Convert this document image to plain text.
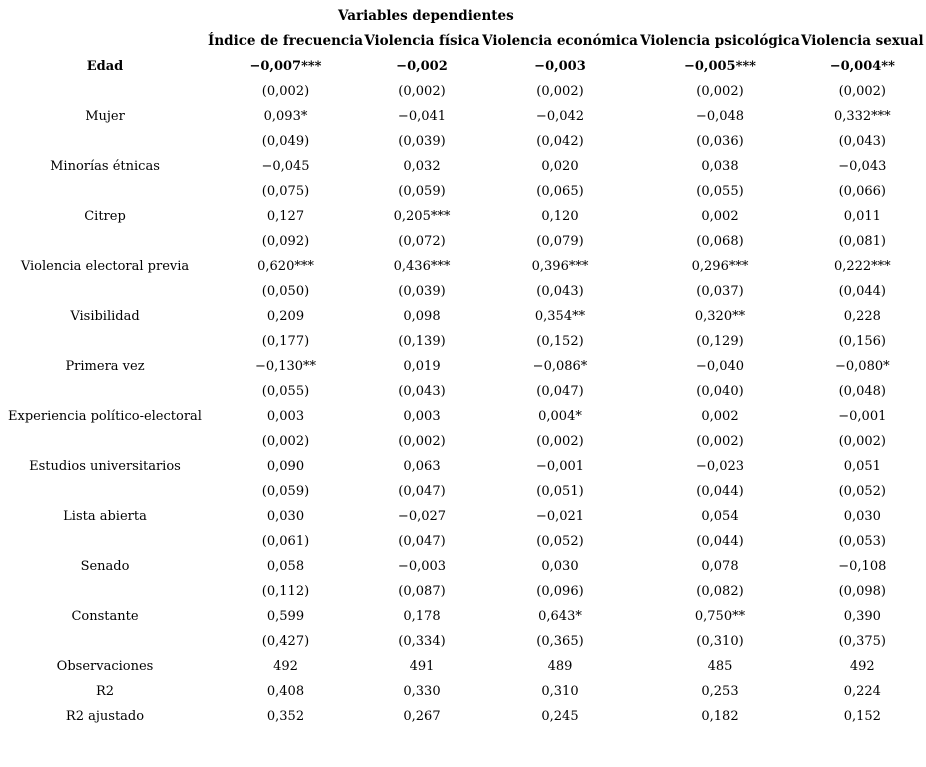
	Variables dependientes				
	Índice de frecuencia	Violencia física	Violencia económica	Violencia psicológica	Violencia sexual
Edad	−0,007***	−0,002	−0,003	−0,005***	−0,004**
	(0,002)	(0,002)	(0,002)	(0,002)	(0,002)
Mujer	0,093*	−0,041	−0,042	−0,048	0,332***
	(0,049)	(0,039)	(0,042)	(0,036)	(0,043)
Minorías étnicas	−0,045	0,032	0,020	0,038	−0,043
	(0,075)	(0,059)	(0,065)	(0,055)	(0,066)
Citrep	0,127	0,205***	0,120	0,002	0,011
	(0,092)	(0,072)	(0,079)	(0,068)	(0,081)
Violencia electoral previa	0,620***	0,436***	0,396***	0,296***	0,222***
	(0,050)	(0,039)	(0,043)	(0,037)	(0,044)
Visibilidad	0,209	0,098	0,354**	0,320**	0,228
	(0,177)	(0,139)	(0,152)	(0,129)	(0,156)
Primera vez	−0,130**	0,019	−0,086*	−0,040	−0,080*
	(0,055)	(0,043)	(0,047)	(0,040)	(0,048)
Experiencia político-electoral	0,003	0,003	0,004*	0,002	−0,001
	(0,002)	(0,002)	(0,002)	(0,002)	(0,002)
Estudios universitarios	0,090	0,063	−0,001	−0,023	0,051
	(0,059)	(0,047)	(0,051)	(0,044)	(0,052)
Lista abierta	0,030	−0,027	−0,021	0,054	0,030
	(0,061)	(0,047)	(0,052)	(0,044)	(0,053)
Senado	0,058	−0,003	0,030	0,078	−0,108
	(0,112)	(0,087)	(0,096)	(0,082)	(0,098)
Constante	0,599	0,178	0,643*	0,750**	0,390
	(0,427)	(0,334)	(0,365)	(0,310)	(0,375)
Observaciones	492	491	489	485	492
R2	0,408	0,330	0,310	0,253	0,224
R2 ajustado	0,352	0,267	0,245	0,182	0,152
